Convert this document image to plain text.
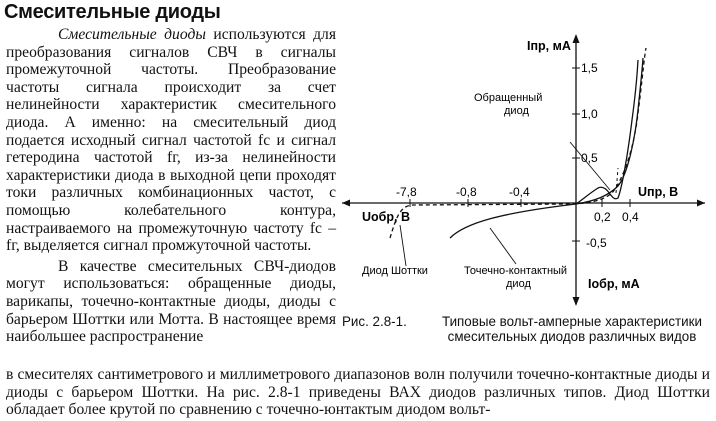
Смесительные диоды

Смесительные диоды используются для преобразования сигналов СВЧ в сигналы промежуточной частоты. Преобразование частоты сигнала происходит за счет нелинейности характеристик смесительного диода. А именно: на смесительный диод подается исходный сигнал частотой fc и сигнал гетеродина частотой fг, из-за нелинейности характеристики диода в выходной цепи проходят токи различных комбинационных частот, с помощью колебательного контура, настраиваемого на промежуточную частоту fc – fг, выделяется сигнал промжуточной частоты.

В качестве смесительных СВЧ-диодов могут использоваться: обращенные диоды, варикапы, точечно-контактные диоды, диоды с барьером Шоттки или Мотта. В настоящее время наибольшее распространение

в смесителях сантиметрового и миллиметрового диапазонов волн получили точечно-контактные диоды и диоды с барьером Шоттки. На рис. 2.8-1 приведены ВАХ диодов различных типов. Диод Шоттки обладает более крутой по сравнению с точечно-юнтактым диодом вольт-

1,5
1,0
0,5
-0,5
-7,8	-0,8	-0,4
0,2 0,4
Iпр, мА
Iобр, мА
Uпр, В
Uобр, В
Обращенный
диод
Диод Шоттки	Точечно-контактный
диод
Рис. 2.8-1.	Типовые вольт-амперные характеристики смесительных диодов различных видов
